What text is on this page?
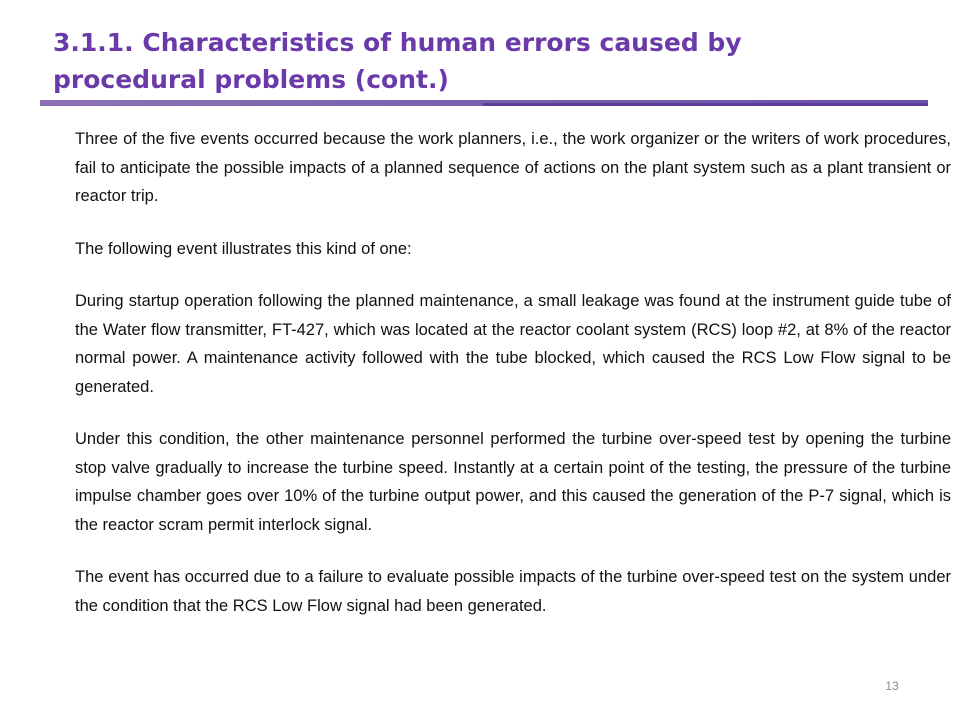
3.1.1. Characteristics of human errors caused by procedural problems (cont.)

Three of the five events occurred because the work planners, i.e., the work organizer or the writers of work procedures, fail to anticipate the possible impacts of a planned sequence of actions on the plant system such as a plant transient or reactor trip.

The following event illustrates this kind of one:

During startup operation following the planned maintenance, a small leakage was found at the instrument guide tube of the Water flow transmitter, FT-427, which was located at the reactor coolant system (RCS) loop #2, at 8% of the reactor normal power. A maintenance activity followed with the tube blocked, which caused the RCS Low Flow signal to be generated.

Under this condition, the other maintenance personnel performed the turbine over-speed test by opening the turbine stop valve gradually to increase the turbine speed. Instantly at a certain point of the testing, the pressure of the turbine impulse chamber goes over 10% of the turbine output power, and this caused the generation of the P-7 signal, which is the reactor scram permit interlock signal.

The event has occurred due to a failure to evaluate possible impacts of the turbine over-speed test on the system under the condition that the RCS Low Flow signal had been generated.

13
